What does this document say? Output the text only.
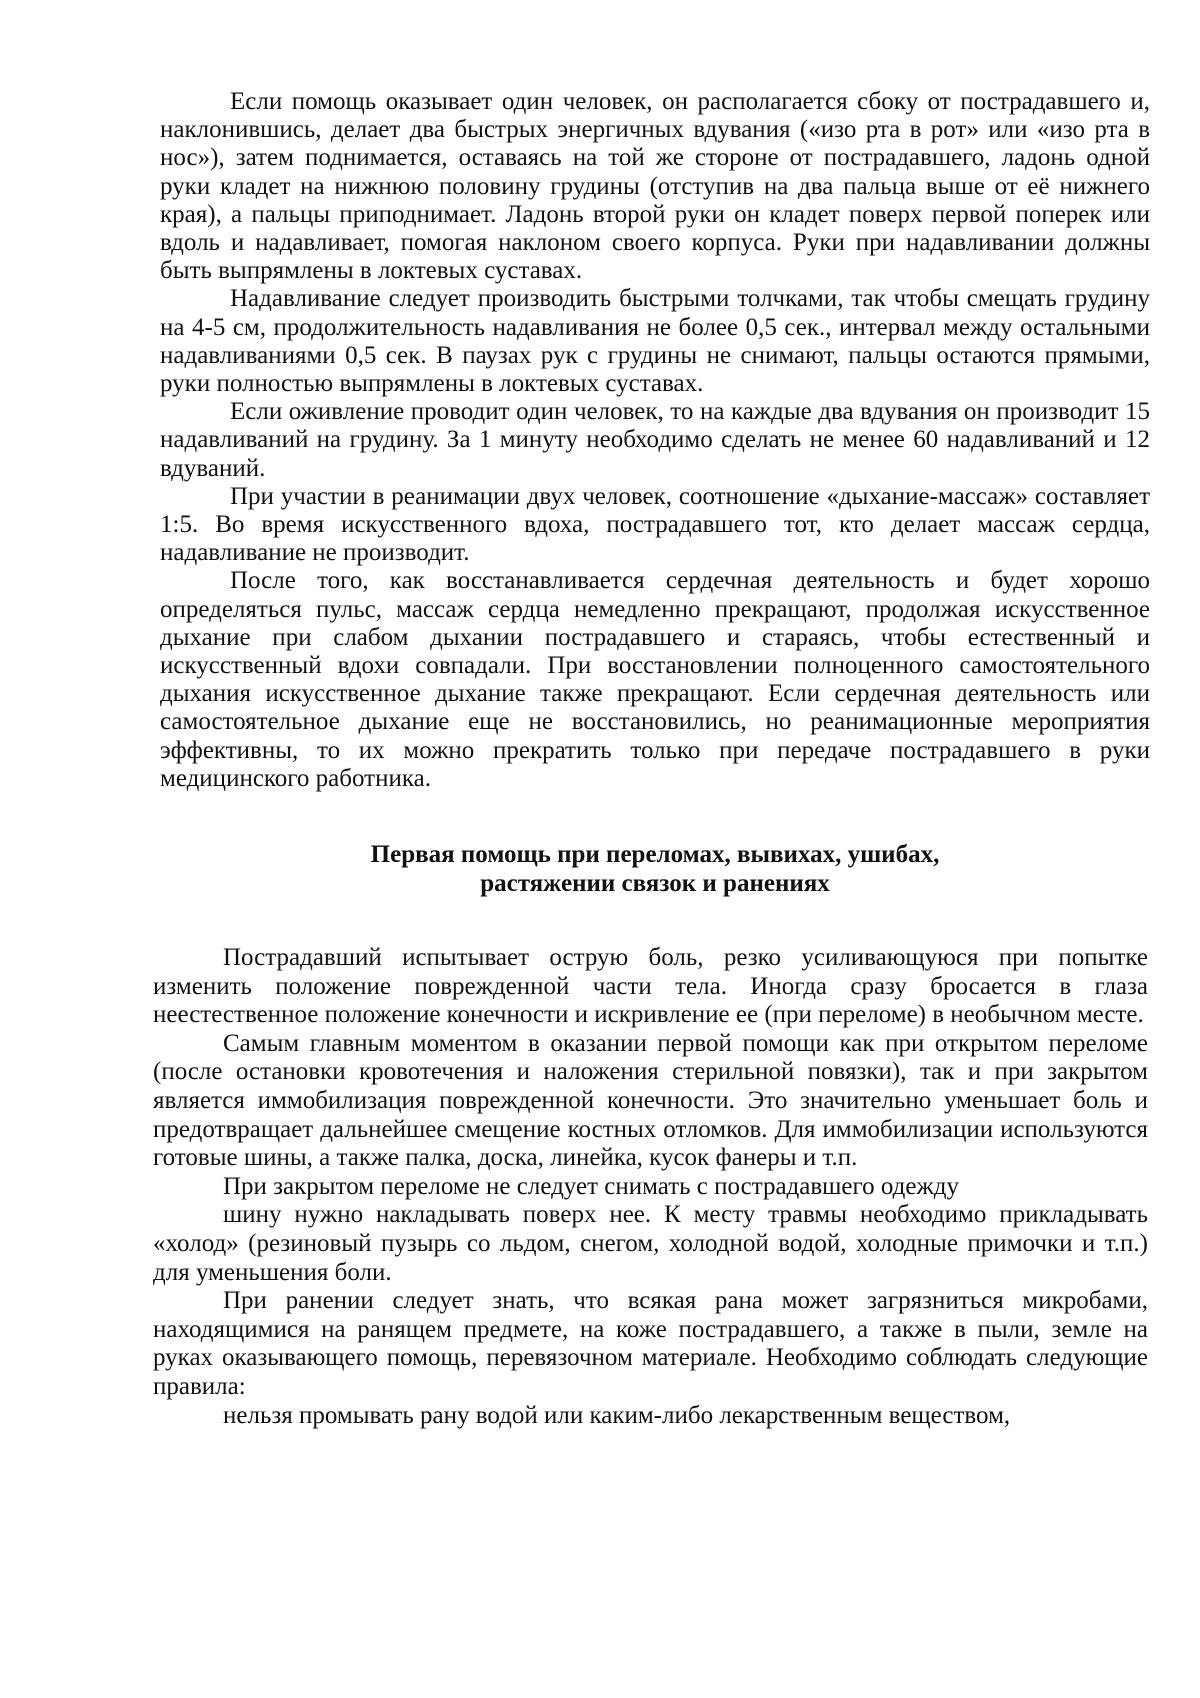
Если помощь оказывает один человек, он располагается сбоку от пострадавшего и, наклонившись, делает два быстрых энергичных вдувания («изо рта в рот» или «изо рта в нос»), затем поднимается, оставаясь на той же стороне от пострадавшего, ладонь одной руки кладет на нижнюю половину грудины (отступив на два пальца выше от её нижнего края), а пальцы приподнимает. Ладонь второй руки он кладет поверх первой поперек или вдоль и надавливает, помогая наклоном своего корпуса. Руки при надавливании должны быть выпрямлены в локтевых суставах.

Надавливание следует производить быстрыми толчками, так чтобы смещать грудину на 4-5 см, продолжительность надавливания не более 0,5 сек., интервал между остальными надавливаниями 0,5 сек. В паузах рук с грудины не снимают, пальцы остаются прямыми, руки полностью выпрямлены в локтевых суставах.

Если оживление проводит один человек, то на каждые два вдувания он производит 15 надавливаний на грудину. За 1 минуту необходимо сделать не менее 60 надавливаний и 12 вдуваний.

При участии в реанимации двух человек, соотношение «дыхание-массаж» составляет 1:5. Во время искусственного вдоха, пострадавшего тот, кто делает массаж сердца, надавливание не производит.

После того, как восстанавливается сердечная деятельность и будет хорошо определяться пульс, массаж сердца немедленно прекращают, продолжая искусственное дыхание при слабом дыхании пострадавшего и стараясь, чтобы естественный и искусственный вдохи совпадали. При восстановлении полноценного самостоятельного дыхания искусственное дыхание также прекращают. Если сердечная деятельность или самостоятельное дыхание еще не восстановились, но реанимационные мероприятия эффективны, то их можно прекратить только при передаче пострадавшего в руки медицинского работника.

Первая помощь при переломах, вывихах, ушибах,
растяжении связок и ранениях

Пострадавший испытывает острую боль, резко усиливающуюся при попытке изменить положение поврежденной части тела. Иногда сразу бросается в глаза неестественное положение конечности и искривление ее (при переломе) в необычном месте.

Самым главным моментом в оказании первой помощи как при открытом переломе (после остановки кровотечения и наложения стерильной повязки), так и при закрытом является иммобилизация поврежденной конечности. Это значительно уменьшает боль и предотвращает дальнейшее смещение костных отломков. Для иммобилизации используются готовые шины, а также палка, доска, линейка, кусок фанеры и т.п.

При закрытом переломе не следует снимать с пострадавшего одежду

шину нужно накладывать поверх нее. К месту травмы необходимо прикладывать «холод» (резиновый пузырь со льдом, снегом, холодной водой, холодные примочки и т.п.) для уменьшения боли.

При ранении следует знать, что всякая рана может загрязниться микробами, находящимися на ранящем предмете, на коже пострадавшего, а также в пыли, земле на руках оказывающего помощь, перевязочном материале. Необходимо соблюдать следующие правила:

нельзя промывать рану водой или каким-либо лекарственным веществом,
